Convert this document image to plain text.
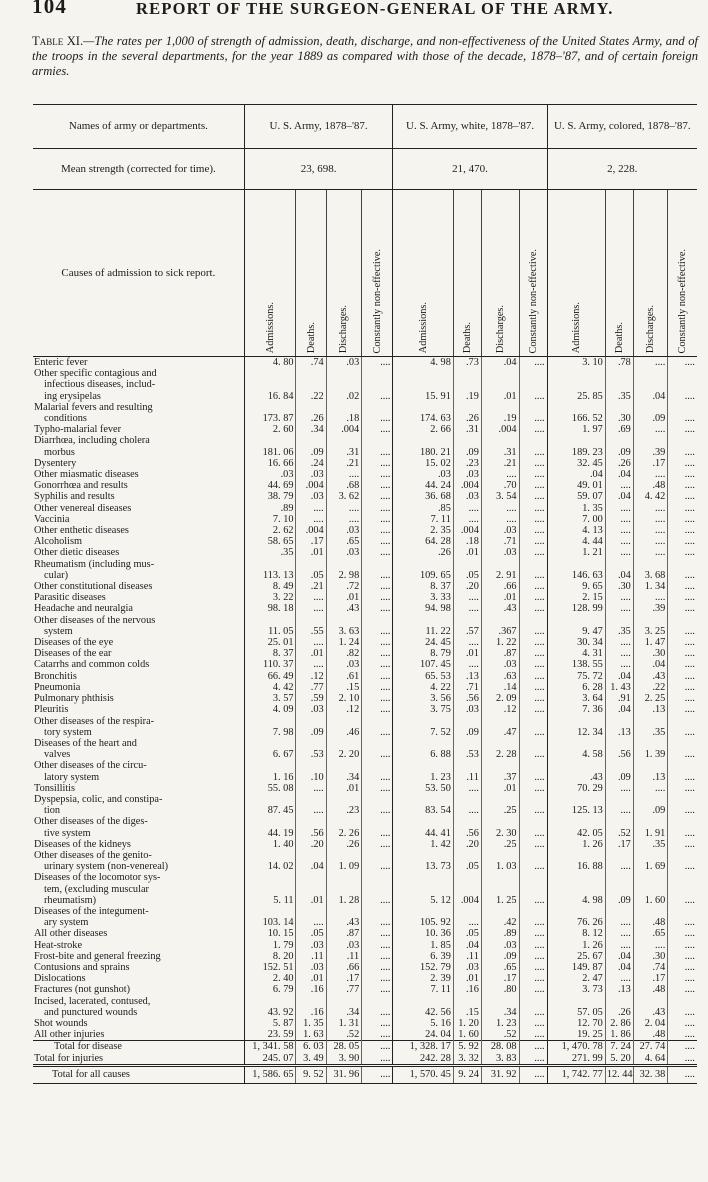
104	REPORT OF THE SURGEON-GENERAL OF THE ARMY.
Table XI.—The rates per 1,000 of strength of admission, death, discharge, and non-effectiveness of the United States Army, and of the troops in the several departments, for the year 1889 as compared with those of the decade, 1878–'87, and of certain foreign armies.
Names of army or departments.	U. S. Army, 1878–'87.				U. S. Army, white, 1878–'87.				U. S. Army, colored, 1878–'87.			
Mean strength (corrected for time).	23, 698.				21, 470.				2, 228.			
Causes of admission to sick report.	Admissions.	Deaths.	Discharges.	Constantly non-effective.	Admissions.	Deaths.	Discharges.	Constantly non-effective.	Admissions.	Deaths.	Discharges.	Constantly non-effective.
Enteric fever	4. 80	.74	.03	....	4. 98	.73	.04	....	3. 10	.78	....	....
Other specific contagious and												
infectious diseases, includ-												
ing erysipelas	16. 84	.22	.02	....	15. 91	.19	.01	....	25. 85	.35	.04	....
Malarial fevers and resulting												
conditions	173. 87	.26	.18	....	174. 63	.26	.19	....	166. 52	.30	.09	....
Typho-malarial fever	2. 60	.34	.004	....	2. 66	.31	.004	....	1. 97	.69	....	....
Diarrhœa, including cholera												
morbus	181. 06	.09	.31	....	180. 21	.09	.31	....	189. 23	.09	.39	....
Dysentery	16. 66	.24	.21	....	15. 02	.23	.21	....	32. 45	.26	.17	....
Other miasmatic diseases	.03	.03	....	....	.03	.03	....	....	.04	.04	....	....
Gonorrhœa and results	44. 69	.004	.68	....	44. 24	.004	.70	....	49. 01	....	.48	....
Syphilis and results	38. 79	.03	3. 62	....	36. 68	.03	3. 54	....	59. 07	.04	4. 42	....
Other venereal diseases	.89	....	....	....	.85	....	....	....	1. 35	....	....	....
Vaccinia	7. 10	....	....	....	7. 11	....	....	....	7. 00	....	....	....
Other enthetic diseases	2. 62	.004	.03	....	2. 35	.004	.03	....	4. 13	....	....	....
Alcoholism	58. 65	.17	.65	....	64. 28	.18	.71	....	4. 44	....	....	....
Other dietic diseases	.35	.01	.03	....	.26	.01	.03	....	1. 21	....	....	....
Rheumatism (including mus-												
cular)	113. 13	.05	2. 98	....	109. 65	.05	2. 91	....	146. 63	.04	3. 68	....
Other constitutional diseases	8. 49	.21	.72	....	8. 37	.20	.66	....	9. 65	.30	1. 34	....
Parasitic diseases	3. 22	....	.01	....	3. 33	....	.01	....	2. 15	....	....	....
Headache and neuralgia	98. 18	....	.43	....	94. 98	....	.43	....	128. 99	....	.39	....
Other diseases of the nervous												
system	11. 05	.55	3. 63	....	11. 22	.57	.367	....	9. 47	.35	3. 25	....
Diseases of the eye	25. 01	....	1. 24	....	24. 45	....	1. 22	....	30. 34	....	1. 47	....
Diseases of the ear	8. 37	.01	.82	....	8. 79	.01	.87	....	4. 31	....	.30	....
Catarrhs and common colds	110. 37	....	.03	....	107. 45	....	.03	....	138. 55	....	.04	....
Bronchitis	66. 49	.12	.61	....	65. 53	.13	.63	....	75. 72	.04	.43	....
Pneumonia	4. 42	.77	.15	....	4. 22	.71	.14	....	6. 28	1. 43	.22	....
Pulmonary phthisis	3. 57	.59	2. 10	....	3. 56	.56	2. 09	....	3. 64	.91	2. 25	....
Pleuritis	4. 09	.03	.12	....	3. 75	.03	.12	....	7. 36	.04	.13	....
Other diseases of the respira-												
tory system	7. 98	.09	.46	....	7. 52	.09	.47	....	12. 34	.13	.35	....
Diseases of the heart and												
valves	6. 67	.53	2. 20	....	6. 88	.53	2. 28	....	4. 58	.56	1. 39	....
Other diseases of the circu-												
latory system	1. 16	.10	.34	....	1. 23	.11	.37	....	.43	.09	.13	....
Tonsillitis	55. 08	....	.01	....	53. 50	....	.01	....	70. 29	....	....	....
Dyspepsia, colic, and constipa-												
tion	87. 45	....	.23	....	83. 54	....	.25	....	125. 13	....	.09	....
Other diseases of the diges-												
tive system	44. 19	.56	2. 26	....	44. 41	.56	2. 30	....	42. 05	.52	1. 91	....
Diseases of the kidneys	1. 40	.20	.26	....	1. 42	.20	.25	....	1. 26	.17	.35	....
Other diseases of the genito-												
urinary system (non-venereal)	14. 02	.04	1. 09	....	13. 73	.05	1. 03	....	16. 88	....	1. 69	....
Diseases of the locomotor sys-												
tem, (excluding muscular												
rheumatism)	5. 11	.01	1. 28	....	5. 12	.004	1. 25	....	4. 98	.09	1. 60	....
Diseases of the integument-												
ary system	103. 14	....	.43	....	105. 92	....	.42	....	76. 26	....	.48	....
All other diseases	10. 15	.05	.87	....	10. 36	.05	.89	....	8. 12	....	.65	....
Heat-stroke	1. 79	.03	.03	....	1. 85	.04	.03	....	1. 26	....	....	....
Frost-bite and general freezing	8. 20	.11	.11	....	6. 39	.11	.09	....	25. 67	.04	.30	....
Contusions and sprains	152. 51	.03	.66	....	152. 79	.03	.65	....	149. 87	.04	.74	....
Dislocations	2. 40	.01	.17	....	2. 39	.01	.17	....	2. 47	....	.17	....
Fractures (not gunshot)	6. 79	.16	.77	....	7. 11	.16	.80	....	3. 73	.13	.48	....
Incised, lacerated, contused,												
and punctured wounds	43. 92	.16	.34	....	42. 56	.15	.34	....	57. 05	.26	.43	....
Shot wounds	5. 87	1. 35	1. 31	....	5. 16	1. 20	1. 23	....	12. 70	2. 86	2. 04	....
All other injuries	23. 59	1. 63	.52	....	24. 04	1. 60	.52	....	19. 25	1. 86	.48	....
Total for disease	1, 341. 58	6. 03	28. 05	....	1, 328. 17	5. 92	28. 08	....	1, 470. 78	7. 24	27. 74	....
Total for injuries	245. 07	3. 49	3. 90	....	242. 28	3. 32	3. 83	....	271. 99	5. 20	4. 64	....
Total for all causes	1, 586. 65	9. 52	31. 96	....	1, 570. 45	9. 24	31. 92	....	1, 742. 77	12. 44	32. 38	....
